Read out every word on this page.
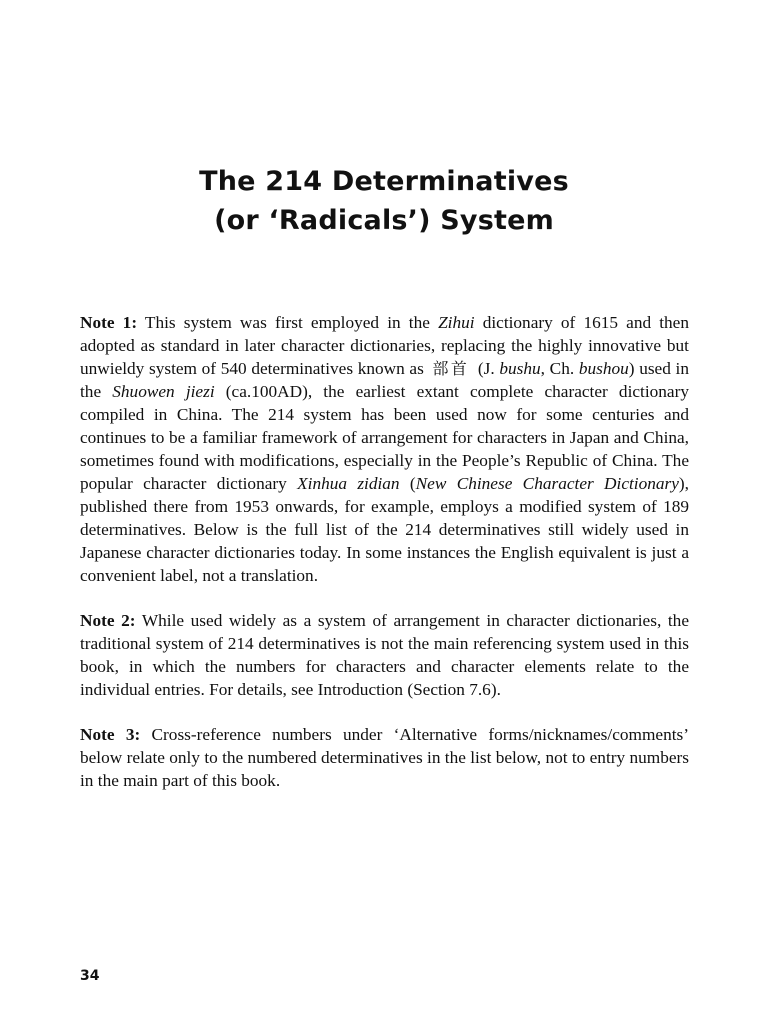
The 214 Determinatives
(or ‘Radicals’) System

Note 1: This system was first employed in the Zihui dictionary of 1615 and then adopted as standard in later character dictionaries, replacing the highly innovative but unwieldy system of 540 determinatives known as 部首 (J. bushu, Ch. bushou) used in the Shuowen jiezi (ca.100AD), the earliest extant complete character dictionary compiled in China. The 214 system has been used now for some centuries and continues to be a familiar framework of arrangement for characters in Japan and China, sometimes found with modifications, especially in the People’s Republic of China. The popular character dictionary Xinhua zidian (New Chinese Character Dictionary), published there from 1953 onwards, for example, employs a modified system of 189 determinatives. Below is the full list of the 214 determinatives still widely used in Japanese character dictionaries today. In some instances the English equivalent is just a convenient label, not a translation.

Note 2: While used widely as a system of arrangement in character dictionaries, the traditional system of 214 determinatives is not the main referencing system used in this book, in which the numbers for characters and character elements relate to the individual entries. For details, see Introduction (Section 7.6).

Note 3: Cross-reference numbers under ‘Alternative forms/nicknames/comments’ below relate only to the numbered determinatives in the list below, not to entry numbers in the main part of this book.

34
